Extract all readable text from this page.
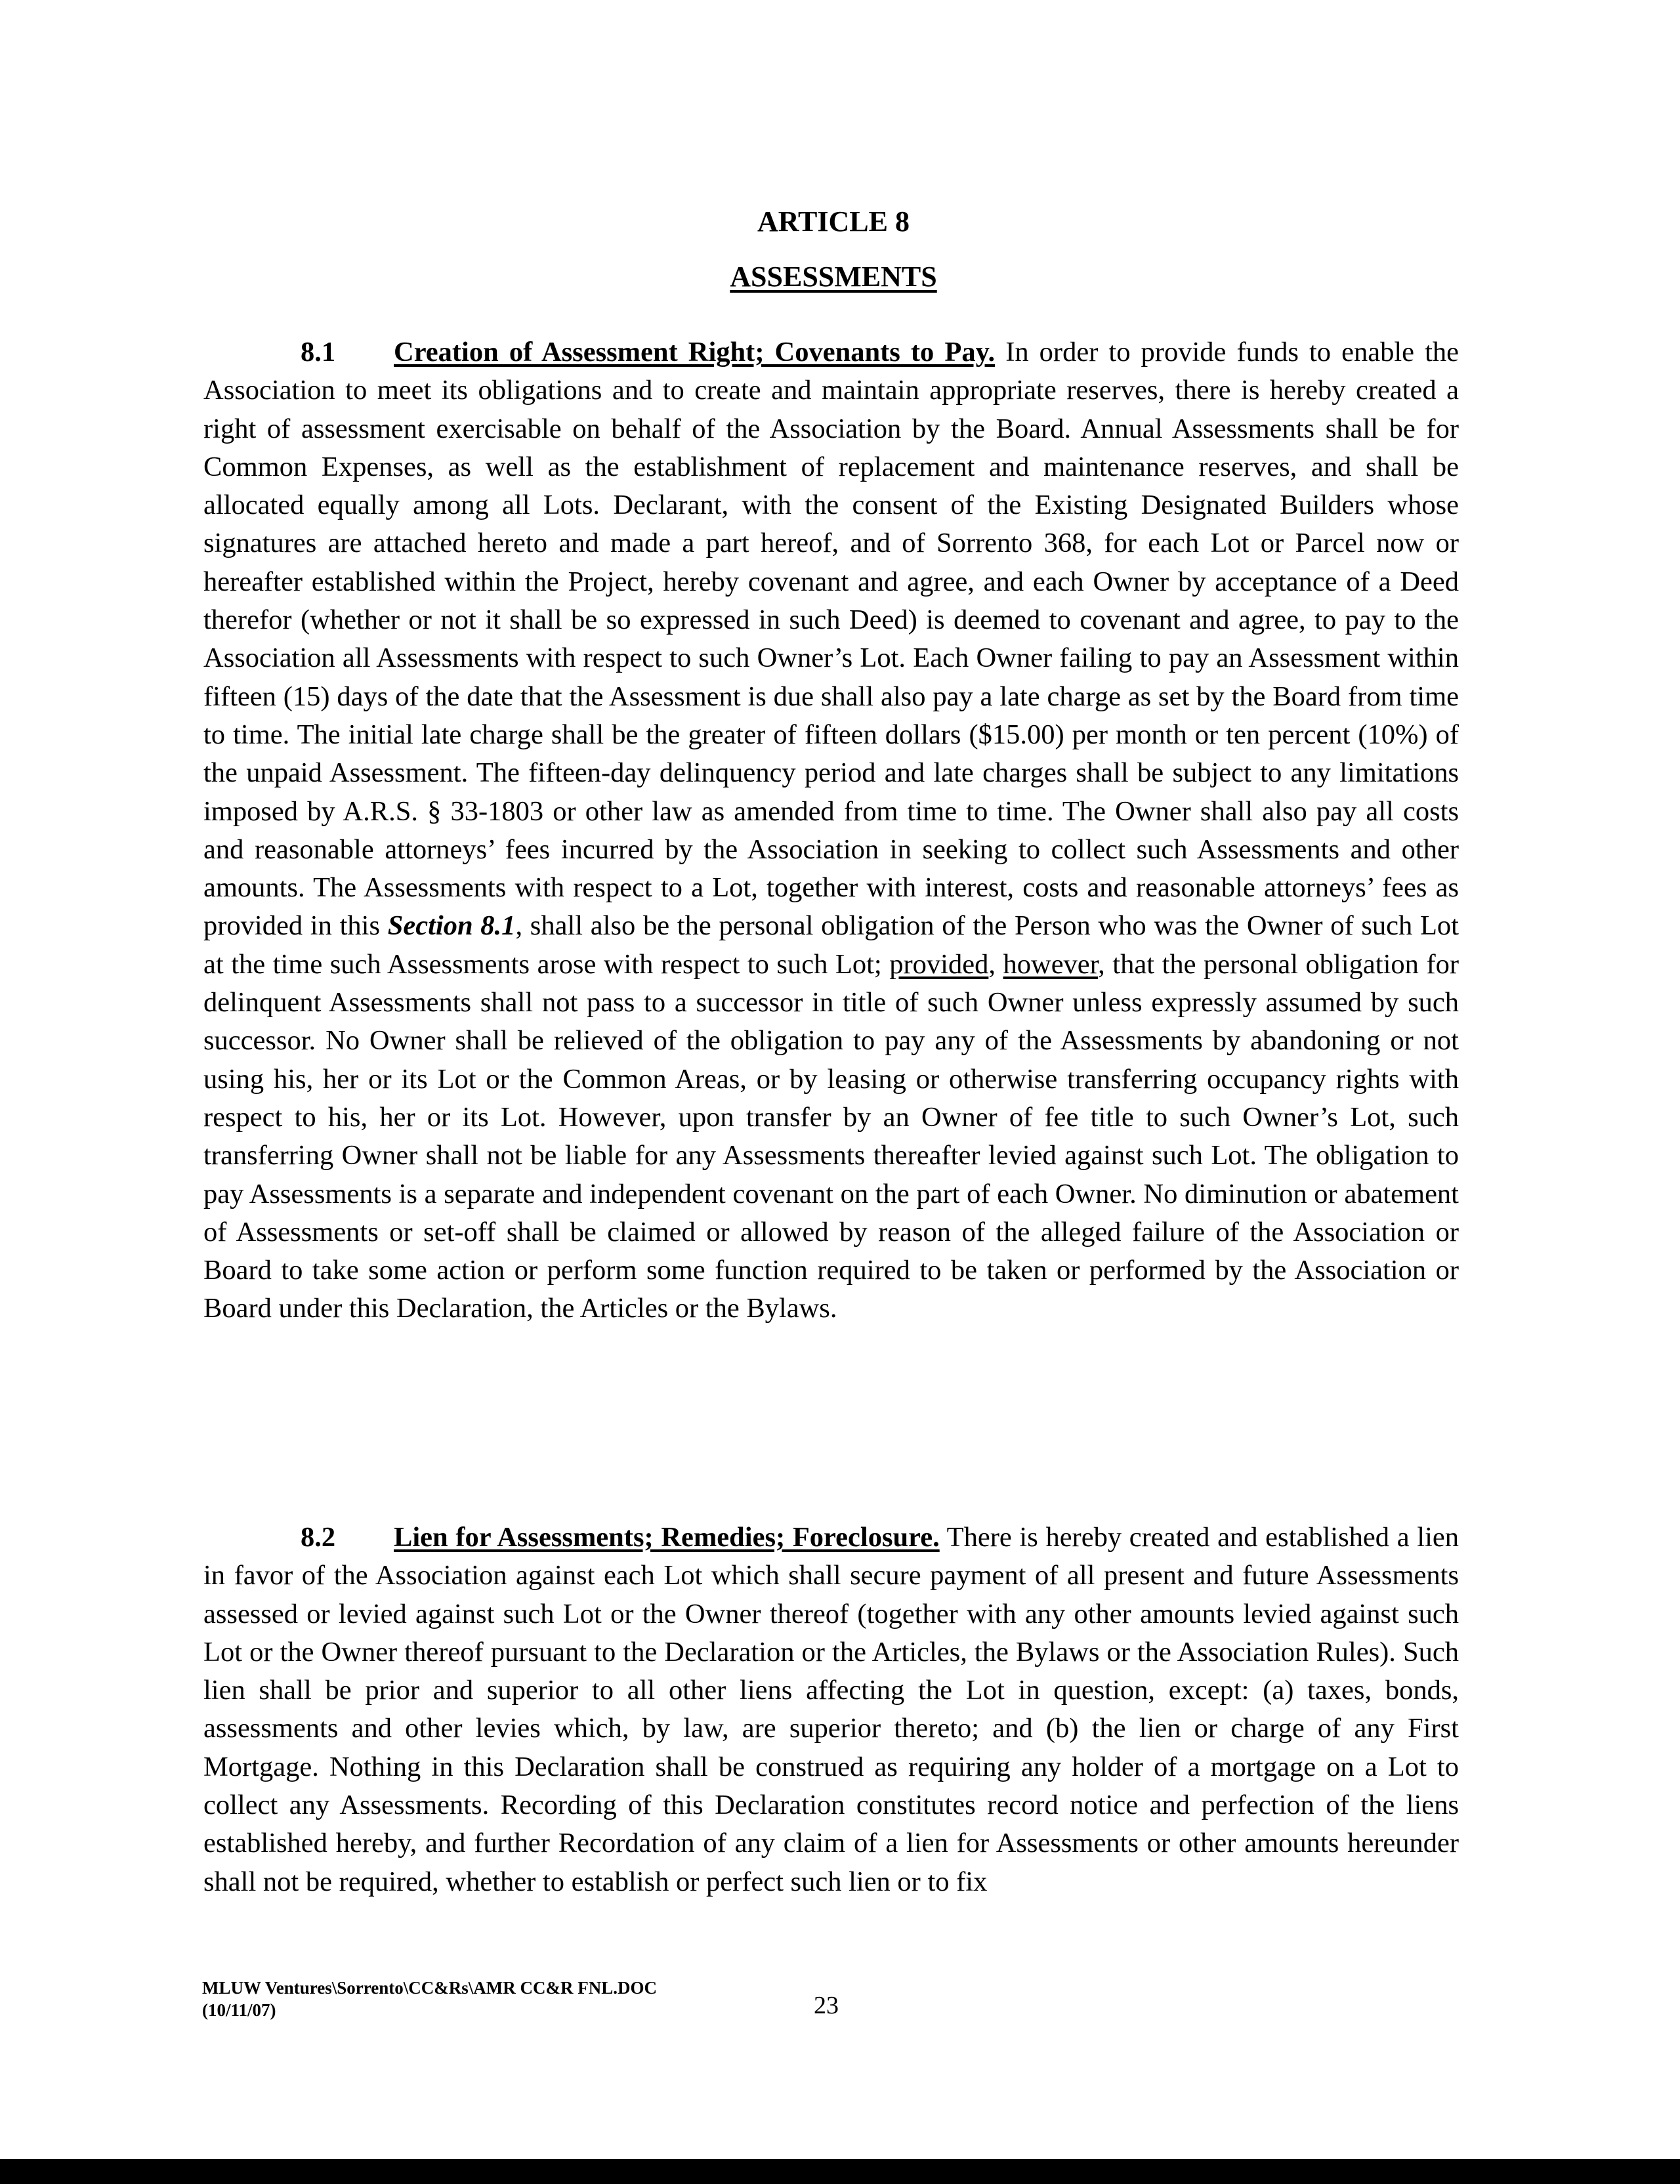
ARTICLE 8
ASSESSMENTS
8.1 Creation of Assessment Right; Covenants to Pay. In order to provide funds to enable the Association to meet its obligations and to create and maintain appropriate reserves, there is hereby created a right of assessment exercisable on behalf of the Association by the Board. Annual Assessments shall be for Common Expenses, as well as the establishment of replacement and maintenance reserves, and shall be allocated equally among all Lots. Declarant, with the consent of the Existing Designated Builders whose signatures are attached hereto and made a part hereof, and of Sorrento 368, for each Lot or Parcel now or hereafter established within the Project, hereby covenant and agree, and each Owner by acceptance of a Deed therefor (whether or not it shall be so expressed in such Deed) is deemed to covenant and agree, to pay to the Association all Assessments with respect to such Owner’s Lot. Each Owner failing to pay an Assessment within fifteen (15) days of the date that the Assessment is due shall also pay a late charge as set by the Board from time to time. The initial late charge shall be the greater of fifteen dollars ($15.00) per month or ten percent (10%) of the unpaid Assessment. The fifteen-day delinquency period and late charges shall be subject to any limitations imposed by A.R.S. § 33-1803 or other law as amended from time to time. The Owner shall also pay all costs and reasonable attorneys’ fees incurred by the Association in seeking to collect such Assessments and other amounts. The Assessments with respect to a Lot, together with interest, costs and reasonable attorneys’ fees as provided in this Section 8.1, shall also be the personal obligation of the Person who was the Owner of such Lot at the time such Assessments arose with respect to such Lot; provided, however, that the personal obligation for delinquent Assessments shall not pass to a successor in title of such Owner unless expressly assumed by such successor. No Owner shall be relieved of the obligation to pay any of the Assessments by abandoning or not using his, her or its Lot or the Common Areas, or by leasing or otherwise transferring occupancy rights with respect to his, her or its Lot. However, upon transfer by an Owner of fee title to such Owner’s Lot, such transferring Owner shall not be liable for any Assessments thereafter levied against such Lot. The obligation to pay Assessments is a separate and independent covenant on the part of each Owner. No diminution or abatement of Assessments or set-off shall be claimed or allowed by reason of the alleged failure of the Association or Board to take some action or perform some function required to be taken or performed by the Association or Board under this Declaration, the Articles or the Bylaws.
8.2 Lien for Assessments; Remedies; Foreclosure. There is hereby created and established a lien in favor of the Association against each Lot which shall secure payment of all present and future Assessments assessed or levied against such Lot or the Owner thereof (together with any other amounts levied against such Lot or the Owner thereof pursuant to the Declaration or the Articles, the Bylaws or the Association Rules). Such lien shall be prior and superior to all other liens affecting the Lot in question, except: (a) taxes, bonds, assessments and other levies which, by law, are superior thereto; and (b) the lien or charge of any First Mortgage. Nothing in this Declaration shall be construed as requiring any holder of a mortgage on a Lot to collect any Assessments. Recording of this Declaration constitutes record notice and perfection of the liens established hereby, and further Recordation of any claim of a lien for Assessments or other amounts hereunder shall not be required, whether to establish or perfect such lien or to fix
MLUW Ventures\Sorrento\CC&Rs\AMR CC&R FNL.DOC
(10/11/07)	23
